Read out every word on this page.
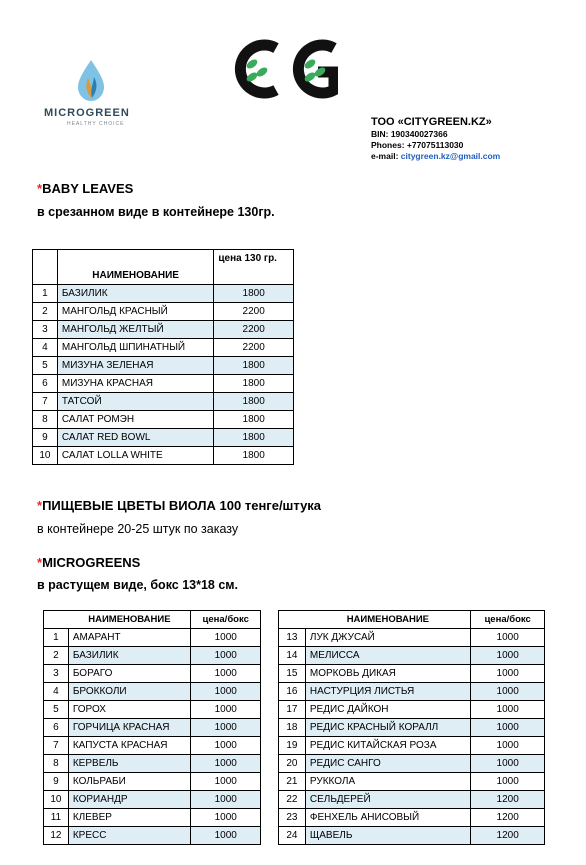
MICROGREEN
HEALTHY CHOICE	ТОО «CITYGREEN.KZ»
BIN: 190340027366
Phones: +77075113030
e-mail: citygreen.kz@gmail.com
*BABY LEAVES
в срезанном виде в контейнере 130гр.
	НАИМЕНОВАНИЕ	цена 130 гр.
1	БАЗИЛИК	1800
2	МАНГОЛЬД КРАСНЫЙ	2200
3	МАНГОЛЬД ЖЕЛТЫЙ	2200
4	МАНГОЛЬД ШПИНАТНЫЙ	2200
5	МИЗУНА ЗЕЛЕНАЯ	1800
6	МИЗУНА КРАСНАЯ	1800
7	ТАТСОЙ	1800
8	САЛАТ РОМЭН	1800
9	САЛАТ RED BOWL	1800
10	САЛАТ LOLLA WHITE	1800
*ПИЩЕВЫЕ ЦВЕТЫ ВИОЛА 100 тенге/штука
в контейнере 20-25 штук по заказу
*MICROGREENS
в растущем виде, бокс 13*18 см.
	НАИМЕНОВАНИЕ	цена/бокс
1	АМАРАНТ	1000
2	БАЗИЛИК	1000
3	БОРАГО	1000
4	БРОККОЛИ	1000
5	ГОРОХ	1000
6	ГОРЧИЦА КРАСНАЯ	1000
7	КАПУСТА КРАСНАЯ	1000
8	КЕРВЕЛЬ	1000
9	КОЛЬРАБИ	1000
10	КОРИАНДР	1000
11	КЛЕВЕР	1000
12	КРЕСС	1000
	НАИМЕНОВАНИЕ	цена/бокс
13	ЛУК ДЖУСАЙ	1000
14	МЕЛИССА	1000
15	МОРКОВЬ ДИКАЯ	1000
16	НАСТУРЦИЯ ЛИСТЬЯ	1000
17	РЕДИС ДАЙКОН	1000
18	РЕДИС КРАСНЫЙ КОРАЛЛ	1000
19	РЕДИС КИТАЙСКАЯ РОЗА	1000
20	РЕДИС САНГО	1000
21	РУККОЛА	1000
22	СЕЛЬДЕРЕЙ	1200
23	ФЕНХЕЛЬ АНИСОВЫЙ	1200
24	ЩАВЕЛЬ	1200
